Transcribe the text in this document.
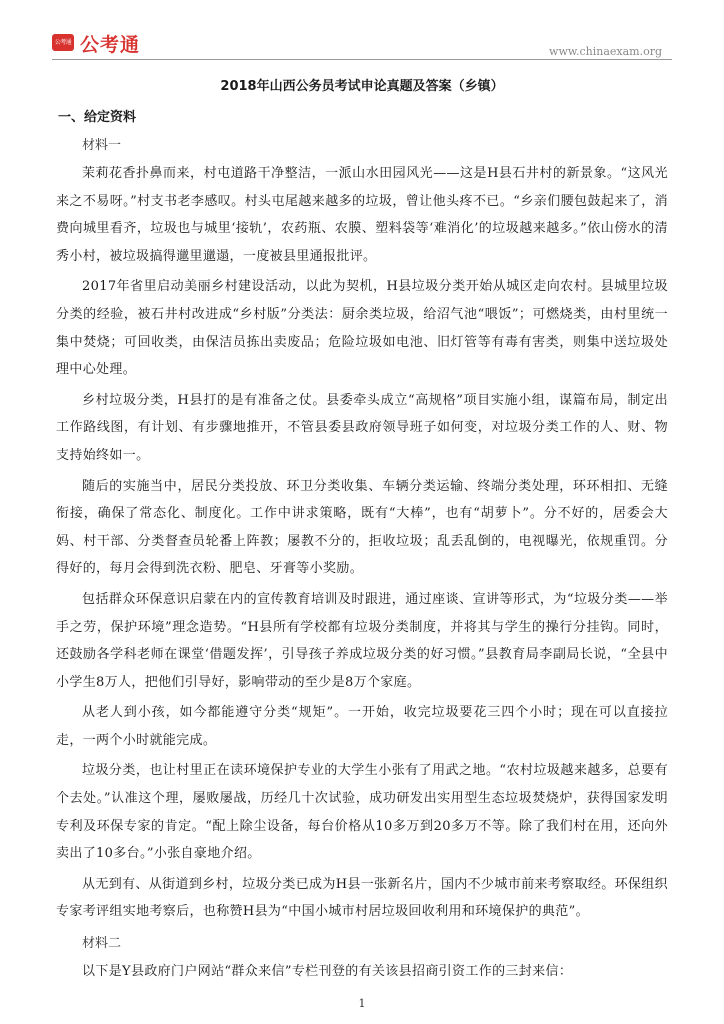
公考通 公考通	www.chinaexam.org
2018年山西公务员考试申论真题及答案（乡镇）
一、给定资料
材料一

茉莉花香扑鼻而来，村屯道路干净整洁，一派山水田园风光——这是H县石井村的新景象。“这风光来之不易呀。”村支书老李感叹。村头屯尾越来越多的垃圾，曾让他头疼不已。“乡亲们腰包鼓起来了，消费向城里看齐，垃圾也与城里‘接轨’，农药瓶、农膜、塑料袋等‘难消化’的垃圾越来越多。”依山傍水的清秀小村，被垃圾搞得邋里邋遢，一度被县里通报批评。

2017年省里启动美丽乡村建设活动，以此为契机，H县垃圾分类开始从城区走向农村。县城里垃圾分类的经验，被石井村改进成“乡村版”分类法：厨余类垃圾，给沼气池“喂饭”；可燃烧类，由村里统一集中焚烧；可回收类，由保洁员拣出卖废品；危险垃圾如电池、旧灯管等有毒有害类，则集中送垃圾处理中心处理。

乡村垃圾分类，H县打的是有准备之仗。县委牵头成立“高规格”项目实施小组，谋篇布局，制定出工作路线图，有计划、有步骤地推开，不管县委县政府领导班子如何变，对垃圾分类工作的人、财、物支持始终如一。

随后的实施当中，居民分类投放、环卫分类收集、车辆分类运输、终端分类处理，环环相扣、无缝衔接，确保了常态化、制度化。工作中讲求策略，既有“大棒”，也有“胡萝卜”。分不好的，居委会大妈、村干部、分类督查员轮番上阵教；屡教不分的，拒收垃圾；乱丢乱倒的，电视曝光，依规重罚。分得好的，每月会得到洗衣粉、肥皂、牙膏等小奖励。

包括群众环保意识启蒙在内的宣传教育培训及时跟进，通过座谈、宣讲等形式，为“垃圾分类——举手之劳，保护环境”理念造势。“H县所有学校都有垃圾分类制度，并将其与学生的操行分挂钩。同时，还鼓励各学科老师在课堂‘借题发挥’，引导孩子养成垃圾分类的好习惯。”县教育局李副局长说，“全县中小学生8万人，把他们引导好，影响带动的至少是8万个家庭。

从老人到小孩，如今都能遵守分类“规矩”。一开始，收完垃圾要花三四个小时；现在可以直接拉走，一两个小时就能完成。

垃圾分类，也让村里正在读环境保护专业的大学生小张有了用武之地。“农村垃圾越来越多，总要有个去处。”认准这个理，屡败屡战，历经几十次试验，成功研发出实用型生态垃圾焚烧炉，获得国家发明专利及环保专家的肯定。“配上除尘设备，每台价格从10多万到20多万不等。除了我们村在用，还向外卖出了10多台。”小张自豪地介绍。

从无到有、从街道到乡村，垃圾分类已成为H县一张新名片，国内不少城市前来考察取经。环保组织专家考评组实地考察后，也称赞H县为“中国小城市村居垃圾回收利用和环境保护的典范”。

材料二

以下是Y县政府门户网站“群众来信”专栏刊登的有关该县招商引资工作的三封来信：

1
